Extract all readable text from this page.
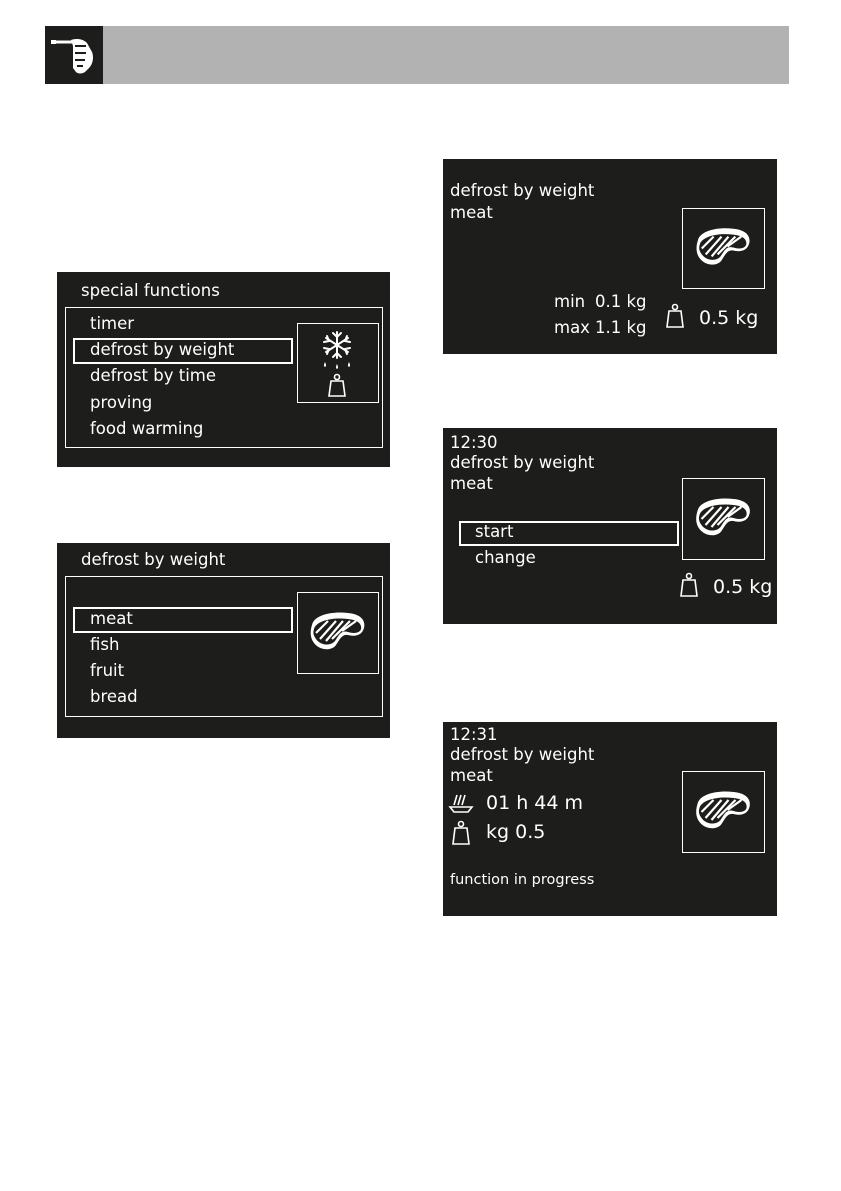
special functions
timer
defrost by weight
defrost by time
proving
food warming
defrost by weight
meat
fish
fruit
bread
defrost by weight
meat
min 0.1 kg
max 1.1 kg	0.5 kg
12:30
defrost by weight
meat
start
change
0.5 kg
12:31
defrost by weight
meat
01 h 44 m
kg 0.5
function in progress
